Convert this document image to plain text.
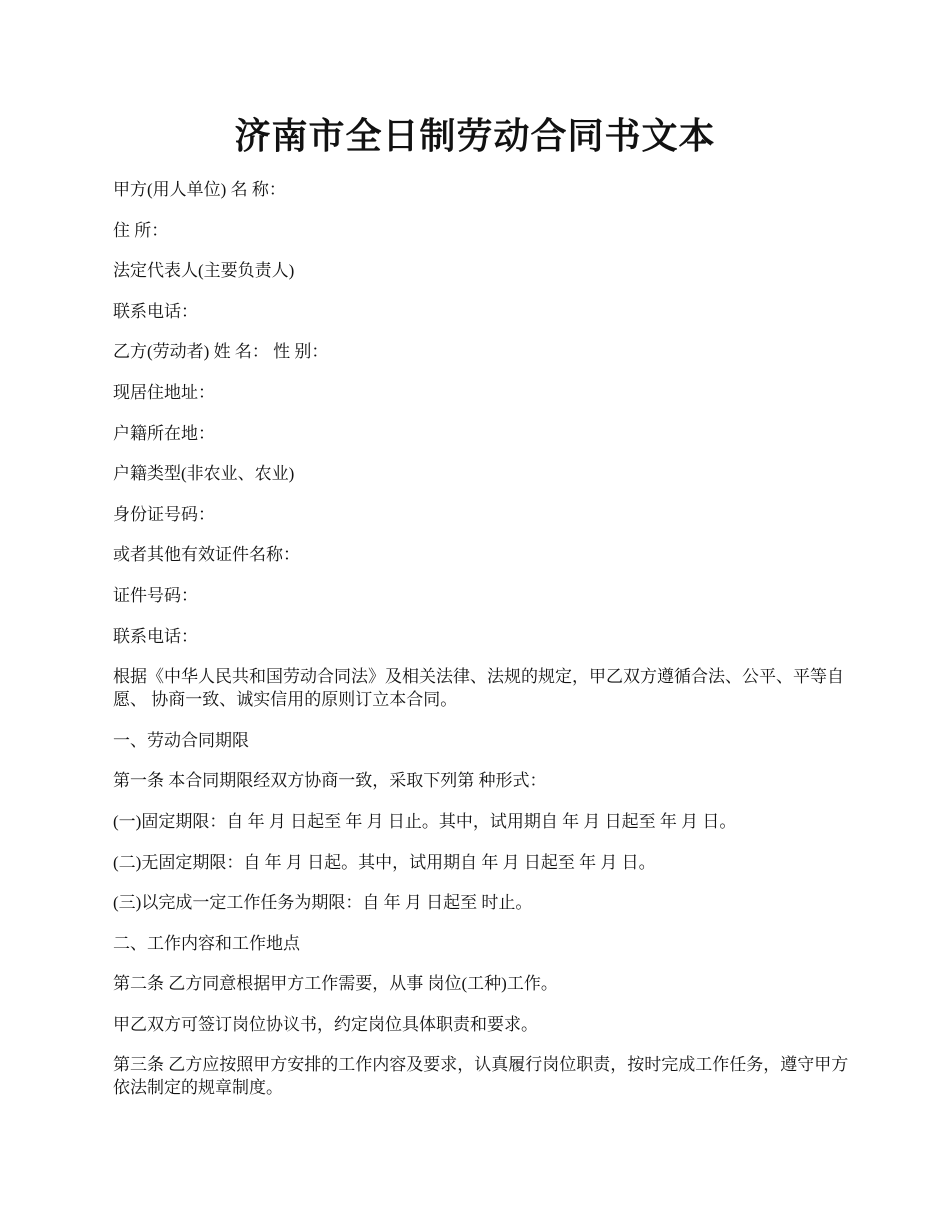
济南市全日制劳动合同书文本

甲方(用人单位) 名 称：

住 所：

法定代表人(主要负责人)

联系电话：

乙方(劳动者) 姓 名： 性 别：

现居住地址：

户籍所在地：

户籍类型(非农业、农业)

身份证号码：

或者其他有效证件名称：

证件号码：

联系电话：

根据《中华人民共和国劳动合同法》及相关法律、法规的规定，甲乙双方遵循合法、公平、平等自愿、 协商一致、诚实信用的原则订立本合同。

一、劳动合同期限

第一条 本合同期限经双方协商一致，采取下列第 种形式：

(一)固定期限：自 年 月 日起至 年 月 日止。其中，试用期自 年 月 日起至 年 月 日。

(二)无固定期限：自 年 月 日起。其中，试用期自 年 月 日起至 年 月 日。

(三)以完成一定工作任务为期限：自 年 月 日起至 时止。

二、工作内容和工作地点

第二条 乙方同意根据甲方工作需要，从事 岗位(工种)工作。

甲乙双方可签订岗位协议书，约定岗位具体职责和要求。

第三条 乙方应按照甲方安排的工作内容及要求，认真履行岗位职责，按时完成工作任务，遵守甲方依法制定的规章制度。
